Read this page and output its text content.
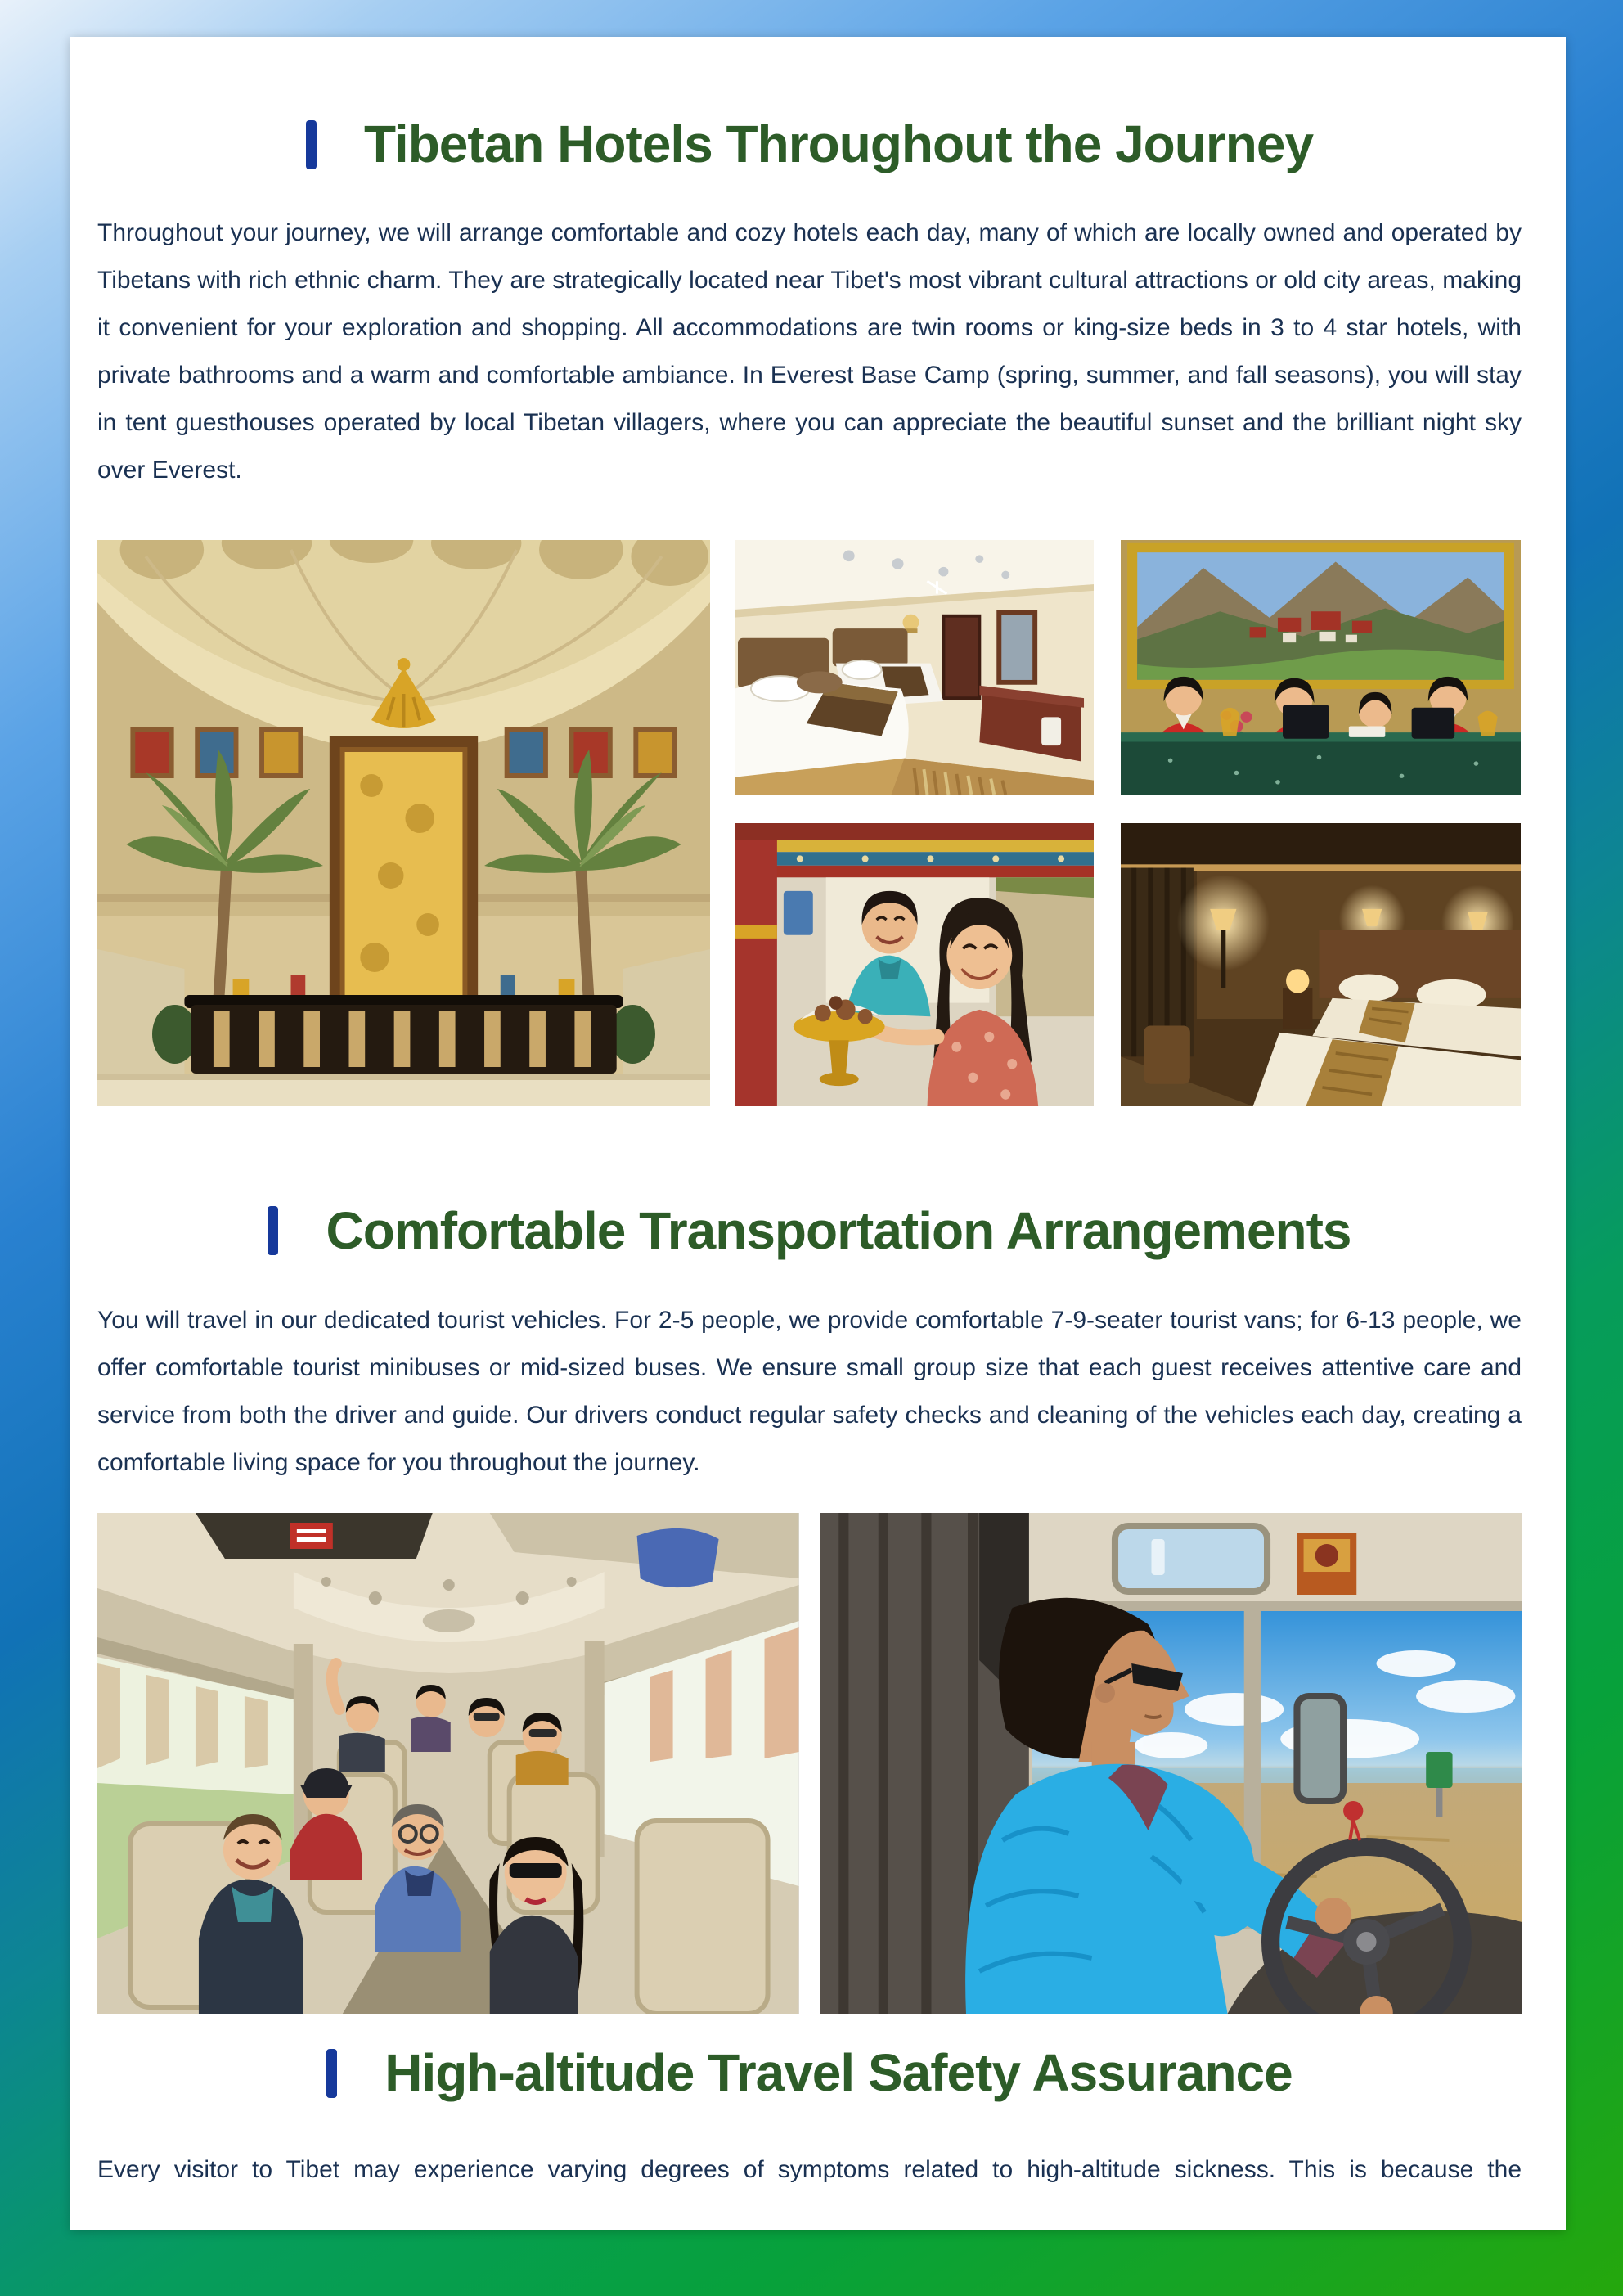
Tibetan Hotels Throughout the Journey

Throughout your journey, we will arrange comfortable and cozy hotels each day, many of which are locally owned and operated by Tibetans with rich ethnic charm. They are strategically located near Tibet's most vibrant cultural attractions or old city areas, making it convenient for your exploration and shopping. All accommodations are twin rooms or king-size beds in 3 to 4 star hotels, with private bathrooms and a warm and comfortable ambiance. In Everest Base Camp (spring, summer, and fall seasons), you will stay in tent guesthouses operated by local Tibetan villagers, where you can appreciate the beautiful sunset and the brilliant night sky over Everest.

Comfortable Transportation Arrangements

You will travel in our dedicated tourist vehicles. For 2-5 people, we provide comfortable 7-9-seater tourist vans; for 6-13 people, we offer comfortable tourist minibuses or mid-sized buses. We ensure small group size that each guest receives attentive care and service from both the driver and guide. Our drivers conduct regular safety checks and cleaning of the vehicles each day, creating a comfortable living space for you throughout the journey.

High-altitude Travel Safety Assurance

Every visitor to Tibet may experience varying degrees of symptoms related to high-altitude sickness. This is because the
